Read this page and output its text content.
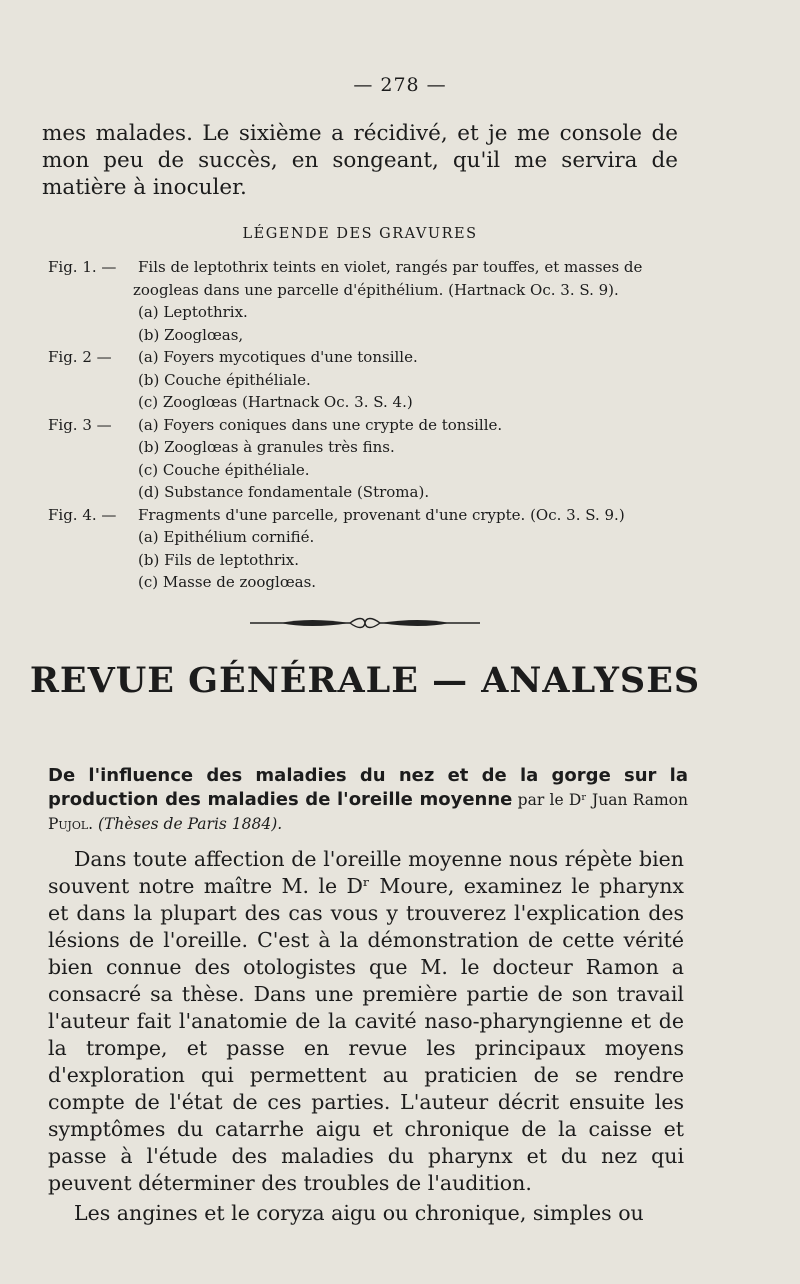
— 278 —
mes malades. Le sixième a récidivé, et je me console de mon peu de succès, en songeant, qu'il me servira de matière à inoculer.
LÉGENDE DES GRAVURES
Fig. 1. —	Fils de leptothrix teints en violet, rangés par touffes, et masses de
zoogleas dans une parcelle d'épithélium. (Hartnack Oc. 3. S. 9).
(a) Leptothrix.
(b) Zooglœas,
Fig. 2 —	(a) Foyers mycotiques d'une tonsille.
(b) Couche épithéliale.
(c) Zooglœas (Hartnack Oc. 3. S. 4.)
Fig. 3 —	(a) Foyers coniques dans une crypte de tonsille.
(b) Zooglœas à granules très fins.
(c) Couche épithéliale.
(d) Substance fondamentale (Stroma).
Fig. 4. —	Fragments d'une parcelle, provenant d'une crypte. (Oc. 3. S. 9.)
(a) Epithélium cornifié.
(b) Fils de leptothrix.
(c) Masse de zooglœas.
REVUE GÉNÉRALE — ANALYSES
De l'influence des maladies du nez et de la gorge sur la production des maladies de l'oreille moyenne par le Dʳ Juan Ramon Pujol. (Thèses de Paris 1884).

Dans toute affection de l'oreille moyenne nous répète bien souvent notre maître M. le Dʳ Moure, examinez le pharynx et dans la plupart des cas vous y trouverez l'explication des lésions de l'oreille. C'est à la démonstration de cette vérité bien connue des otologistes que M. le docteur Ramon a consacré sa thèse. Dans une première partie de son travail l'auteur fait l'anatomie de la cavité naso-pharyngienne et de la trompe, et passe en revue les principaux moyens d'exploration qui permettent au praticien de se rendre compte de l'état de ces parties. L'auteur décrit ensuite les symptômes du catarrhe aigu et chronique de la caisse et passe à l'étude des maladies du pharynx et du nez qui peuvent déterminer des troubles de l'audition.

Les angines et le coryza aigu ou chronique, simples ou
